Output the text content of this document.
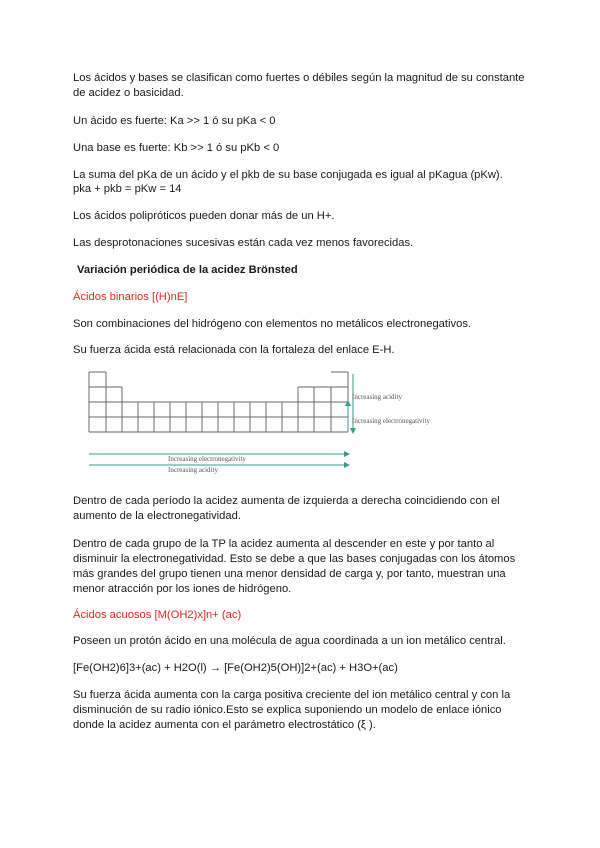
Los ácidos y bases se clasifican como fuertes o débiles según la magnitud de su constante de acidez o basicidad.

Un ácido es fuerte: Ka >> 1 ó su pKa < 0

Una base es fuerte: Kb >> 1 ó su pKb < 0

La suma del pKa de un ácido y el pkb de su base conjugada es igual al pKagua (pKw).

pka + pkb = pKw = 14

Los ácidos polipróticos pueden donar más de un H+.

Las desprotonaciones sucesivas están cada vez menos favorecidas.

Variación periódica de la acidez Brönsted

Ácidos binarios [(H)nE]

Son combinaciones del hidrógeno con elementos no metálicos electronegativos.

Su fuerza ácida está relacionada con la fortaleza del enlace E-H.

Increasing acidity
Increasing electronegativity
Increasing electronegativity
Increasing acidity

Dentro de cada período la acidez aumenta de izquierda a derecha coincidiendo con el aumento de la electronegatividad.

Dentro de cada grupo de la TP la acidez aumenta al descender en este y por tanto al disminuir la electronegatividad. Esto se debe a que las bases conjugadas con los átomos más grandes del grupo tienen una menor densidad de carga y, por tanto, muestran una menor atracción por los iones de hidrógeno.

Ácidos acuosos [M(OH2)x]n+ (ac)

Poseen un protón ácido en una molécula de agua coordinada a un ion metálico central.

[Fe(OH2)6]3+(ac) + H2O(l) → [Fe(OH2)5(OH)]2+(ac) + H3O+(ac)

Su fuerza ácida aumenta con la carga positiva creciente del ion metálico central y con la disminución de su radio iónico.Esto se explica suponiendo un modelo de enlace iónico donde la acidez aumenta con el parámetro electrostático (ξ ).
